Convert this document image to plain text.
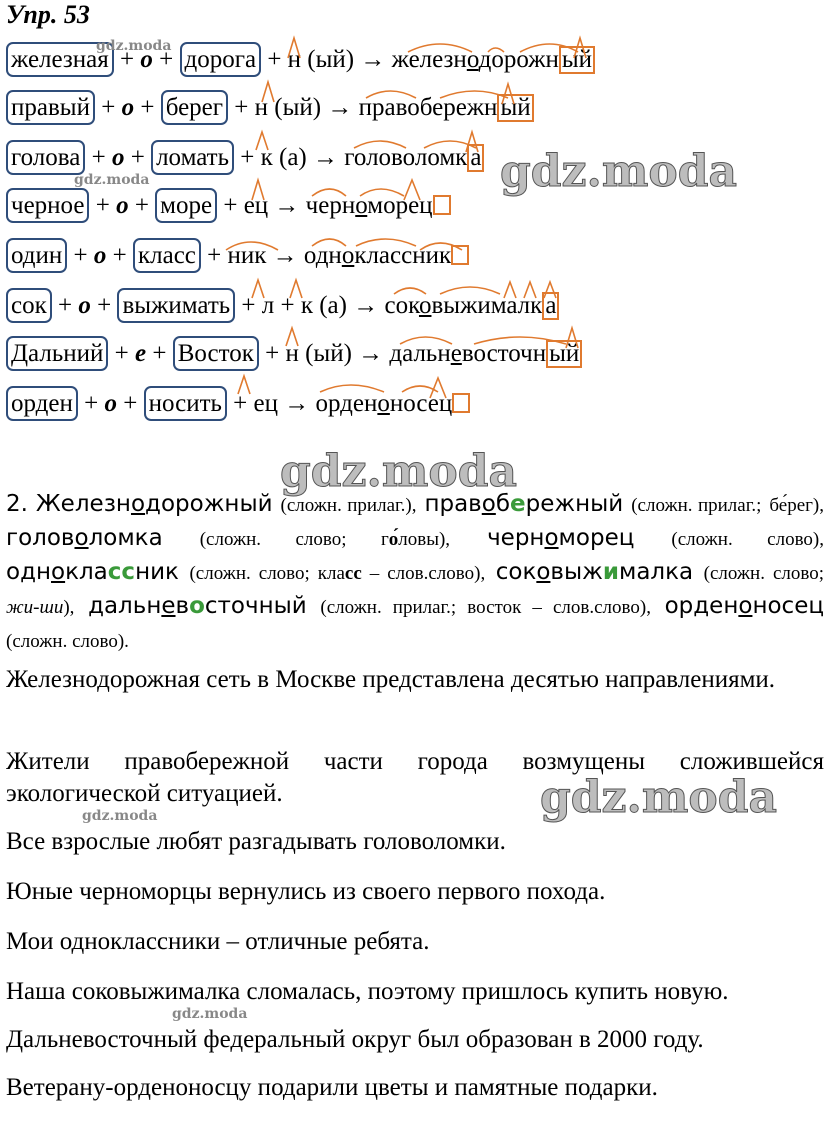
Упр. 53
железная + о + дорога + н (ый) → железнодорожн ый
правый + о + берег + н (ый) → правобережн ый
голова + о + ломать + к (а) → головоломк а
черное + о + море + ец → черноморец
один + о + класс + ник → одноклассник
сок + о + выжимать + л + к (а) → соковыжималк а
Дальний + е + Восток + н (ый) → дальневосточн ый
орден + о + носить + ец → орденоносец
gdz.moda
gdz.moda
gdz.moda
gdz.moda
2. Железнодорожный (сложн. прилаг.), правобережный (сложн. прилаг.; бе́рег), головоломка (сложн. слово; го́ловы), черноморец (сложн. слово), одноклассник (сложн. слово; класс – слов.слово), соковыжималка (сложн. слово; жи-ши), дальневосточный (сложн. прилаг.; восток – слов.слово), орденоносец (сложн. слово).
Железнодорожная сеть в Москве представлена десятью направлениями.
Жители правобережной части города возмущены сложившейся экологической ситуацией.
Все взрослые любят разгадывать головоломки.
Юные черноморцы вернулись из своего первого похода.
Мои одноклассники – отличные ребята.
Наша соковыжималка сломалась, поэтому пришлось купить новую.
Дальневосточный федеральный округ был образован в 2000 году.
Ветерану-орденоносцу подарили цветы и памятные подарки.
gdz.moda
gdz.moda
gdz.moda
